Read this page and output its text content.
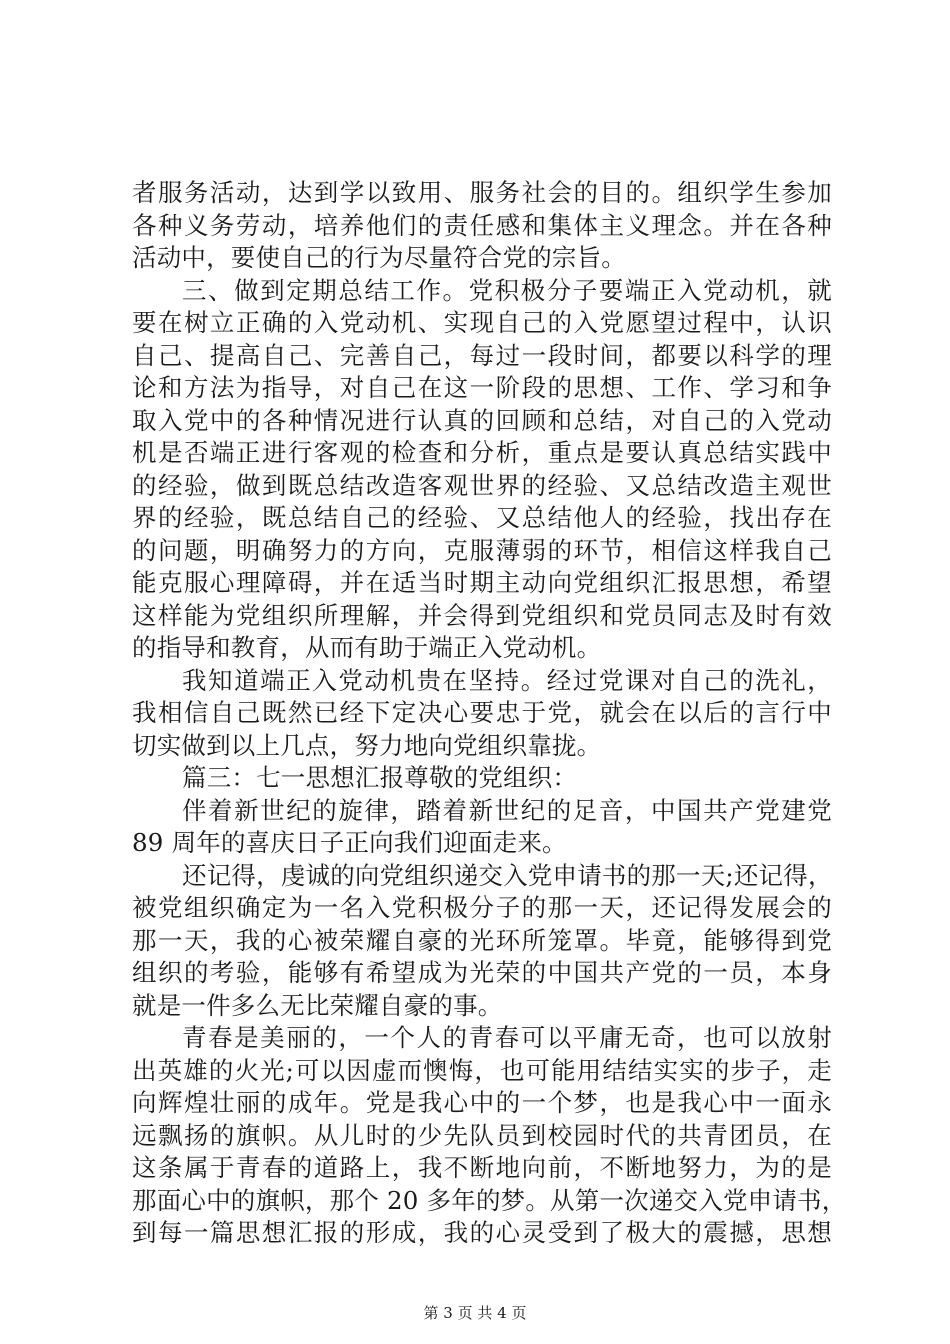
者服务活动，达到学以致用、服务社会的目的。组织学生参加
各种义务劳动，培养他们的责任感和集体主义理念。并在各种
活动中，要使自己的行为尽量符合党的宗旨。
三、做到定期总结工作。党积极分子要端正入党动机，就
要在树立正确的入党动机、实现自己的入党愿望过程中，认识
自己、提高自己、完善自己，每过一段时间，都要以科学的理
论和方法为指导，对自己在这一阶段的思想、工作、学习和争
取入党中的各种情况进行认真的回顾和总结，对自己的入党动
机是否端正进行客观的检查和分析，重点是要认真总结实践中
的经验，做到既总结改造客观世界的经验、又总结改造主观世
界的经验，既总结自己的经验、又总结他人的经验，找出存在
的问题，明确努力的方向，克服薄弱的环节，相信这样我自己
能克服心理障碍，并在适当时期主动向党组织汇报思想，希望
这样能为党组织所理解，并会得到党组织和党员同志及时有效
的指导和教育，从而有助于端正入党动机。
我知道端正入党动机贵在坚持。经过党课对自己的洗礼，
我相信自己既然已经下定决心要忠于党，就会在以后的言行中
切实做到以上几点，努力地向党组织靠拢。
篇三：七一思想汇报尊敬的党组织：
伴着新世纪的旋律，踏着新世纪的足音，中国共产党建党
89 周年的喜庆日子正向我们迎面走来。
还记得，虔诚的向党组织递交入党申请书的那一天;还记得，
被党组织确定为一名入党积极分子的那一天，还记得发展会的
那一天，我的心被荣耀自豪的光环所笼罩。毕竟，能够得到党
组织的考验，能够有希望成为光荣的中国共产党的一员，本身
就是一件多么无比荣耀自豪的事。
青春是美丽的，一个人的青春可以平庸无奇，也可以放射
出英雄的火光;可以因虚而懊悔，也可能用结结实实的步子，走
向辉煌壮丽的成年。党是我心中的一个梦，也是我心中一面永
远飘扬的旗帜。从儿时的少先队员到校园时代的共青团员，在
这条属于青春的道路上，我不断地向前，不断地努力，为的是
那面心中的旗帜，那个 20 多年的梦。从第一次递交入党申请书，
到每一篇思想汇报的形成，我的心灵受到了极大的震撼，思想
第 3 页 共 4 页
